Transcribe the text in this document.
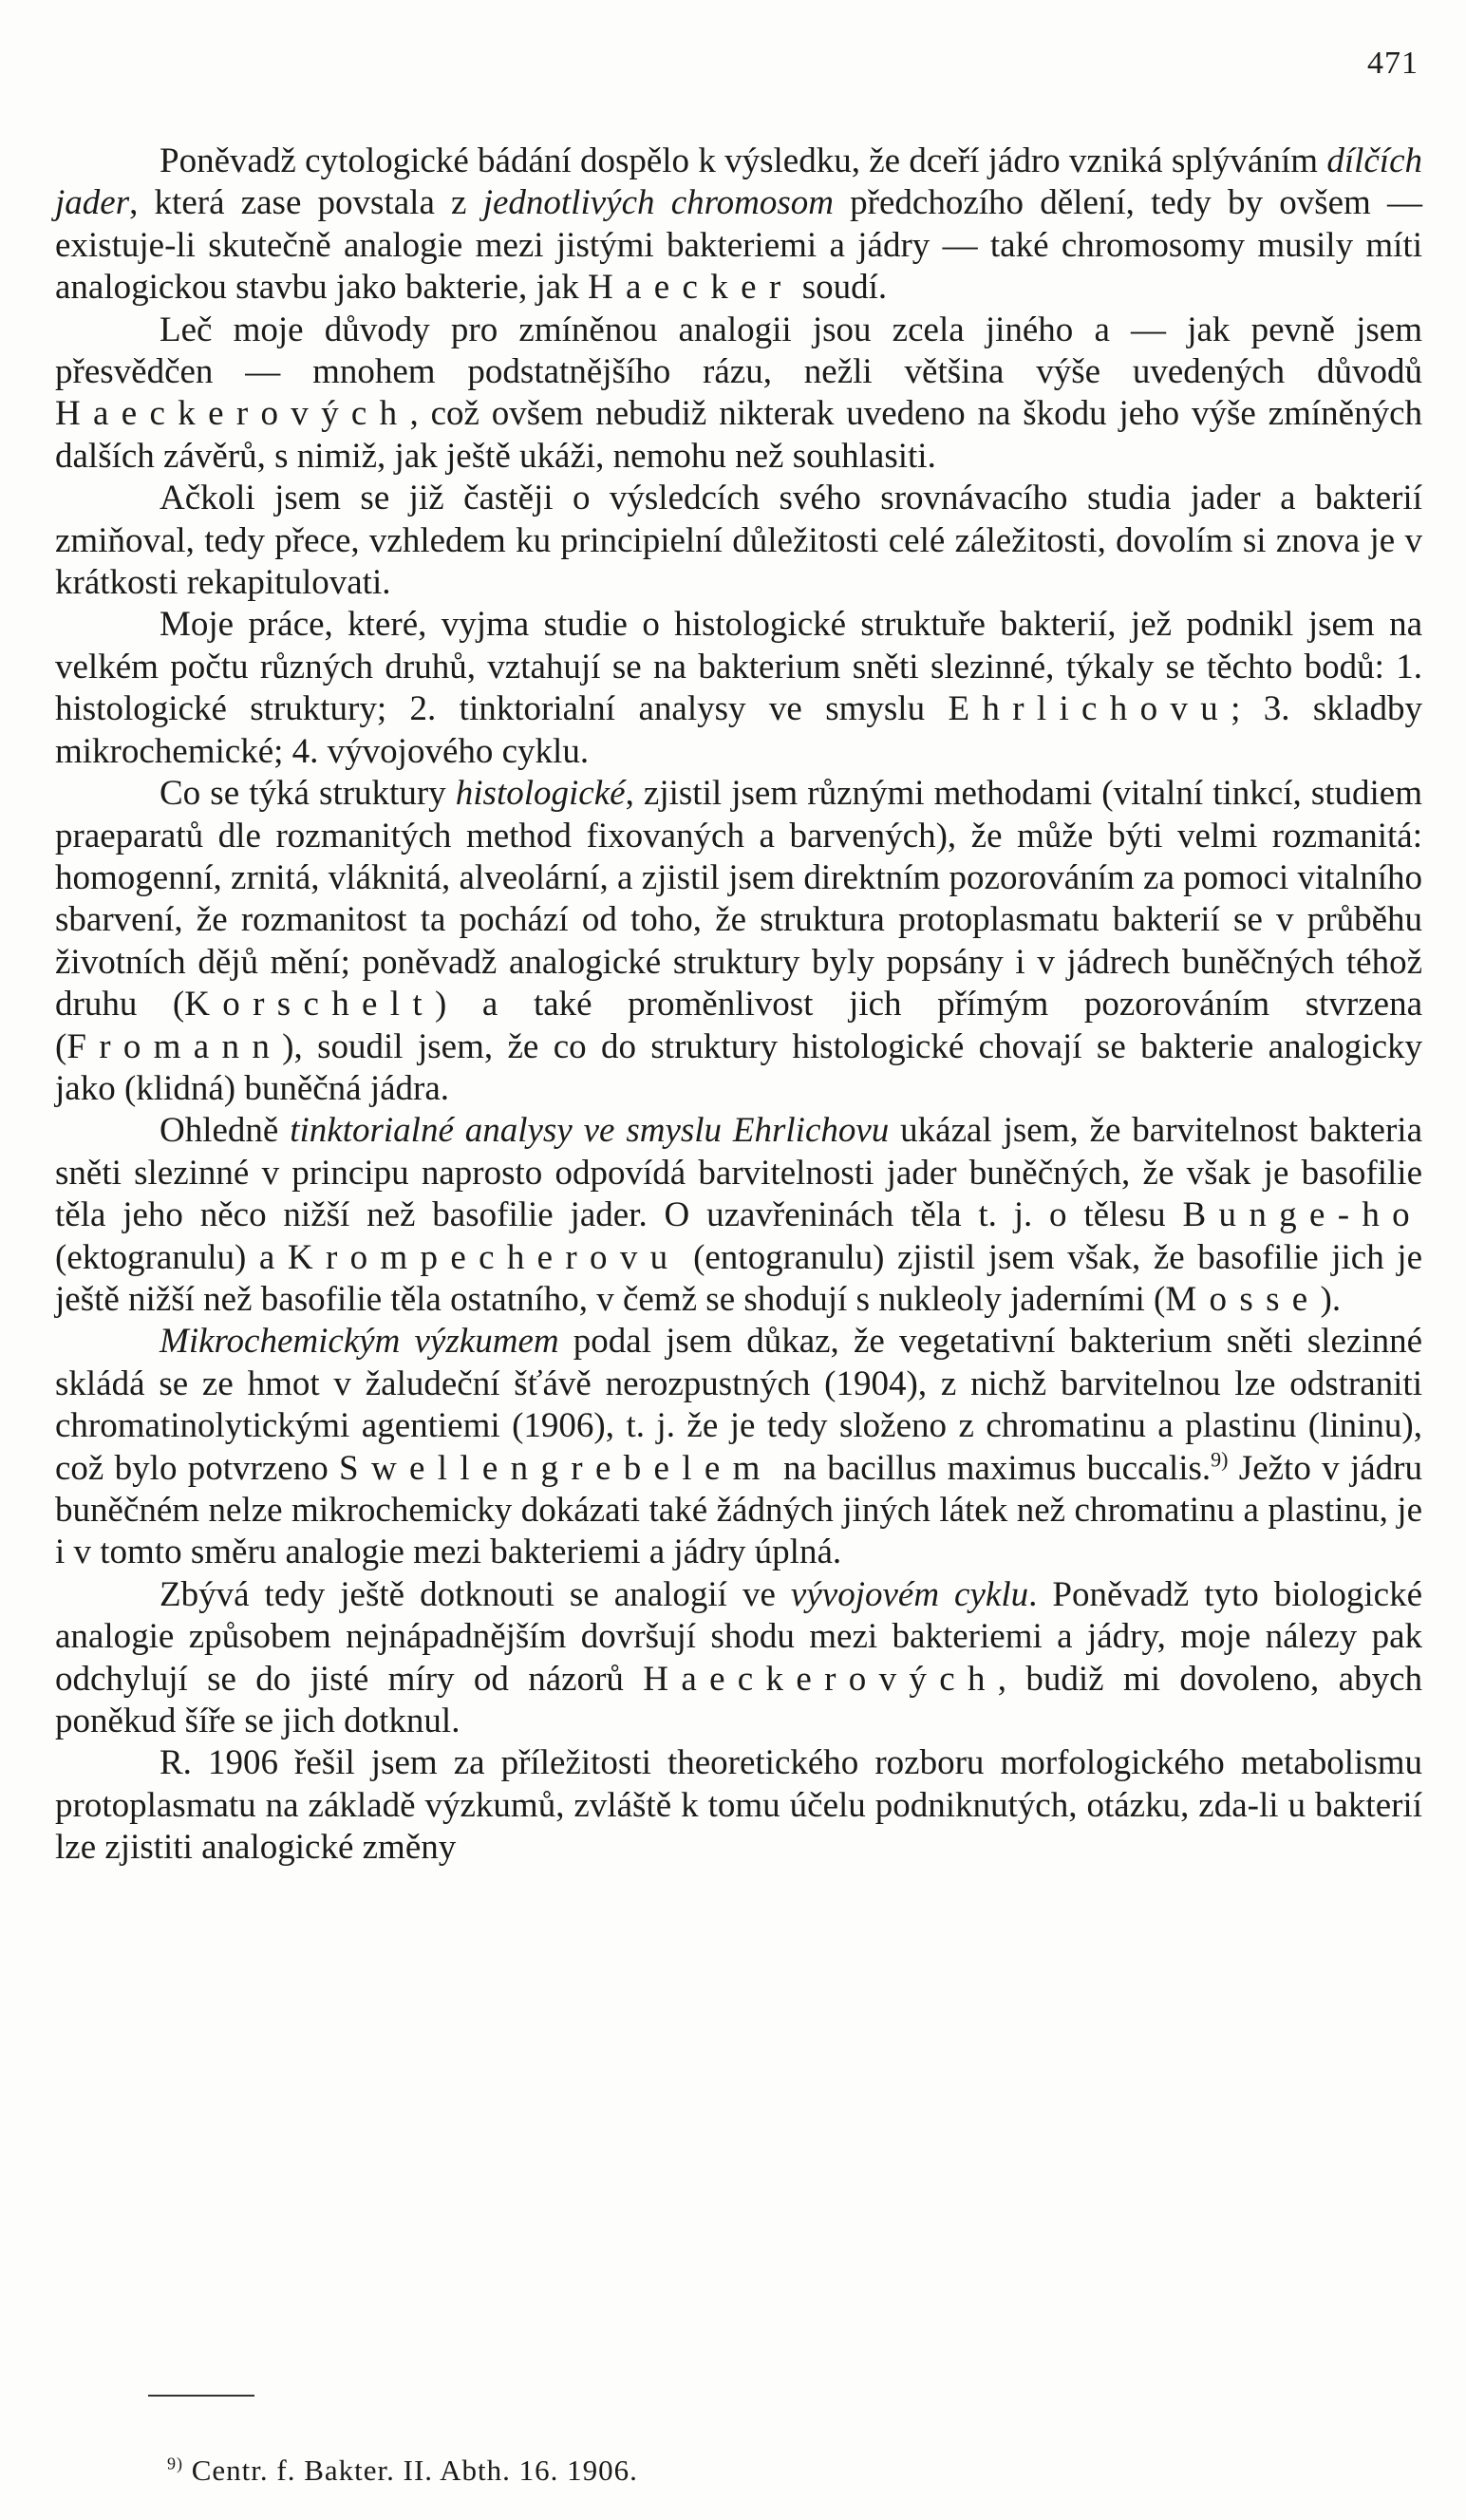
471

Poněvadž cytologické bádání dospělo k výsledku, že dceří jádro vzniká splýváním dílčích jader, která zase povstala z jednotlivých chromosom předchozího dělení, tedy by ovšem — existuje-li skutečně analogie mezi jistými bakteriemi a jádry — také chromosomy musily míti analogickou stavbu jako bakterie, jak Haecker soudí.

Leč moje důvody pro zmíněnou analogii jsou zcela jiného a — jak pevně jsem přesvědčen — mnohem podstatnějšího rázu, nežli většina výše uvedených důvodů Haeckerových, což ovšem nebudiž nikterak uvedeno na škodu jeho výše zmíněných dalších závěrů, s nimiž, jak ještě ukáži, nemohu než souhlasiti.

Ačkoli jsem se již častěji o výsledcích svého srovnávacího studia jader a bakterií zmiňoval, tedy přece, vzhledem ku principielní důležitosti celé záležitosti, dovolím si znova je v krátkosti rekapitulovati.

Moje práce, které, vyjma studie o histologické struktuře bakterií, jež podnikl jsem na velkém počtu různých druhů, vztahují se na bakterium sněti slezinné, týkaly se těchto bodů: 1. histologické struktury; 2. tinktorialní analysy ve smyslu Ehrlichovu; 3. skladby mikrochemické; 4. vývojového cyklu.

Co se týká struktury histologické, zjistil jsem různými methodami (vitalní tinkcí, studiem praeparatů dle rozmanitých method fixovaných a barvených), že může býti velmi rozmanitá: homogenní, zrnitá, vláknitá, alveolární, a zjistil jsem direktním pozorováním za pomoci vitalního sbarvení, že rozmanitost ta pochází od toho, že struktura protoplasmatu bakterií se v průběhu životních dějů mění; poněvadž analogické struktury byly popsány i v jádrech buněčných téhož druhu (Korschelt) a také proměnlivost jich přímým pozorováním stvrzena (Fromann), soudil jsem, že co do struktury histologické chovají se bakterie analogicky jako (klidná) buněčná jádra.

Ohledně tinktorialné analysy ve smyslu Ehrlichovu ukázal jsem, že barvitelnost bakteria sněti slezinné v principu naprosto odpovídá barvitelnosti jader buněčných, že však je basofilie těla jeho něco nižší než basofilie jader. O uzavřeninách těla t. j. o tělesu Bunge-ho (ektogranulu) a Krompecherovu (entogranulu) zjistil jsem však, že basofilie jich je ještě nižší než basofilie těla ostatního, v čemž se shodují s nukleoly jaderními (Mosse).

Mikrochemickým výzkumem podal jsem důkaz, že vegetativní bakterium sněti slezinné skládá se ze hmot v žaludeční šťávě nerozpustných (1904), z nichž barvitelnou lze odstraniti chromatinolytickými agentiemi (1906), t. j. že je tedy složeno z chromatinu a plastinu (lininu), což bylo potvrzeno Swellengrebelem na bacillus maximus buccalis.$^{9)}$ Ježto v jádru buněčném nelze mikrochemicky dokázati také žádných jiných látek než chromatinu a plastinu, je i v tomto směru analogie mezi bakteriemi a jádry úplná.

Zbývá tedy ještě dotknouti se analogií ve vývojovém cyklu. Poněvadž tyto biologické analogie způsobem nejnápadnějším dovršují shodu mezi bakteriemi a jádry, moje nálezy pak odchylují se do jisté míry od názorů Haeckerových, budiž mi dovoleno, abych poněkud šíře se jich dotknul.

R. 1906 řešil jsem za příležitosti theoretického rozboru morfologického metabolismu protoplasmatu na základě výzkumů, zvláště k tomu účelu podniknutých, otázku, zda-li u bakterií lze zjistiti analogické změny

$^{9)}$ Centr. f. Bakter. II. Abth. 16. 1906.
